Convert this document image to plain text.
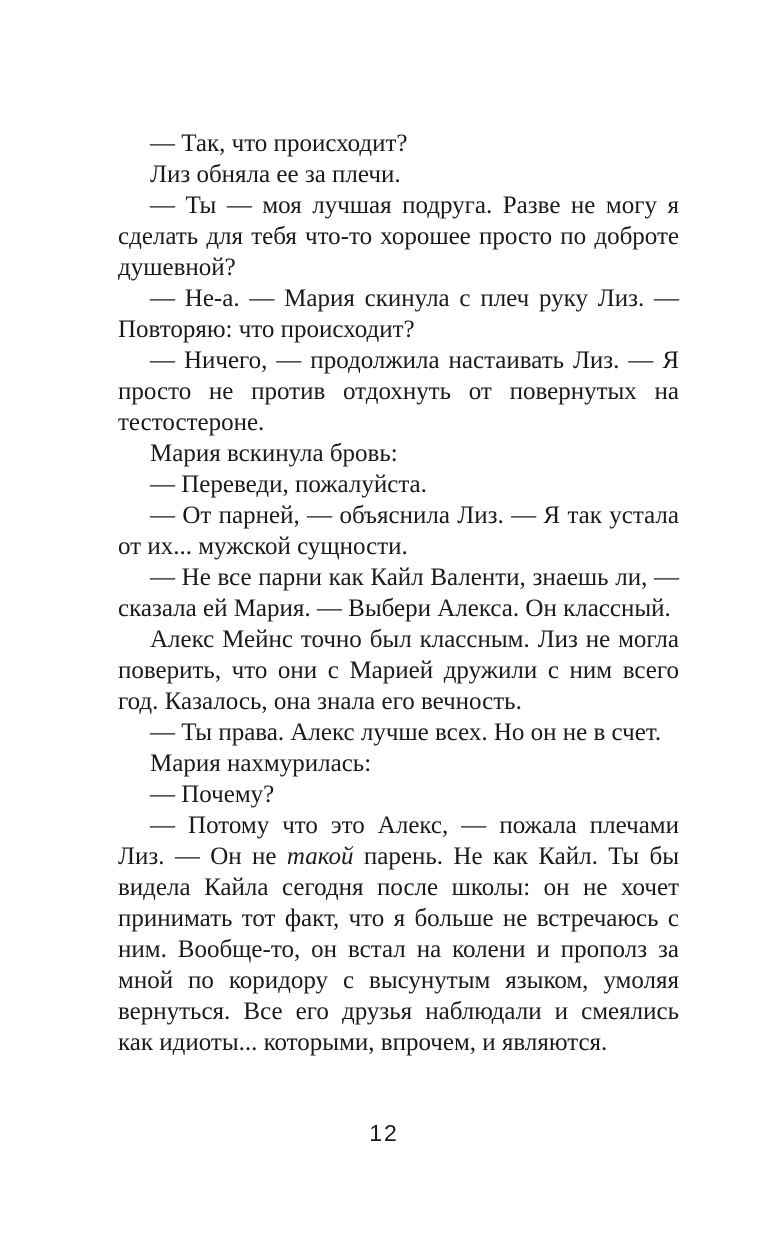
— Так, что происходит?

Лиз обняла ее за плечи.

— Ты — моя лучшая подруга. Разве не могу я сделать для тебя что-то хорошее просто по доброте душевной?

— Не-а. — Мария скинула с плеч руку Лиз. — Повторяю: что происходит?

— Ничего, — продолжила настаивать Лиз. — Я просто не против отдохнуть от повернутых на тестостероне.

Мария вскинула бровь:

— Переведи, пожалуйста.

— От парней, — объяснила Лиз. — Я так устала от их... мужской сущности.

— Не все парни как Кайл Валенти, знаешь ли, — сказала ей Мария. — Выбери Алекса. Он классный.

Алекс Мейнс точно был классным. Лиз не могла поверить, что они с Марией дружили с ним всего год. Казалось, она знала его вечность.

— Ты права. Алекс лучше всех. Но он не в счет.

Мария нахмурилась:

— Почему?

— Потому что это Алекс, — пожала плечами Лиз. — Он не такой парень. Не как Кайл. Ты бы видела Кайла сегодня после школы: он не хочет принимать тот факт, что я больше не встречаюсь с ним. Вообще-то, он встал на колени и прополз за мной по коридору с высунутым языком, умоляя вернуться. Все его друзья наблюдали и смеялись как идиоты... которыми, впрочем, и являются.

12
